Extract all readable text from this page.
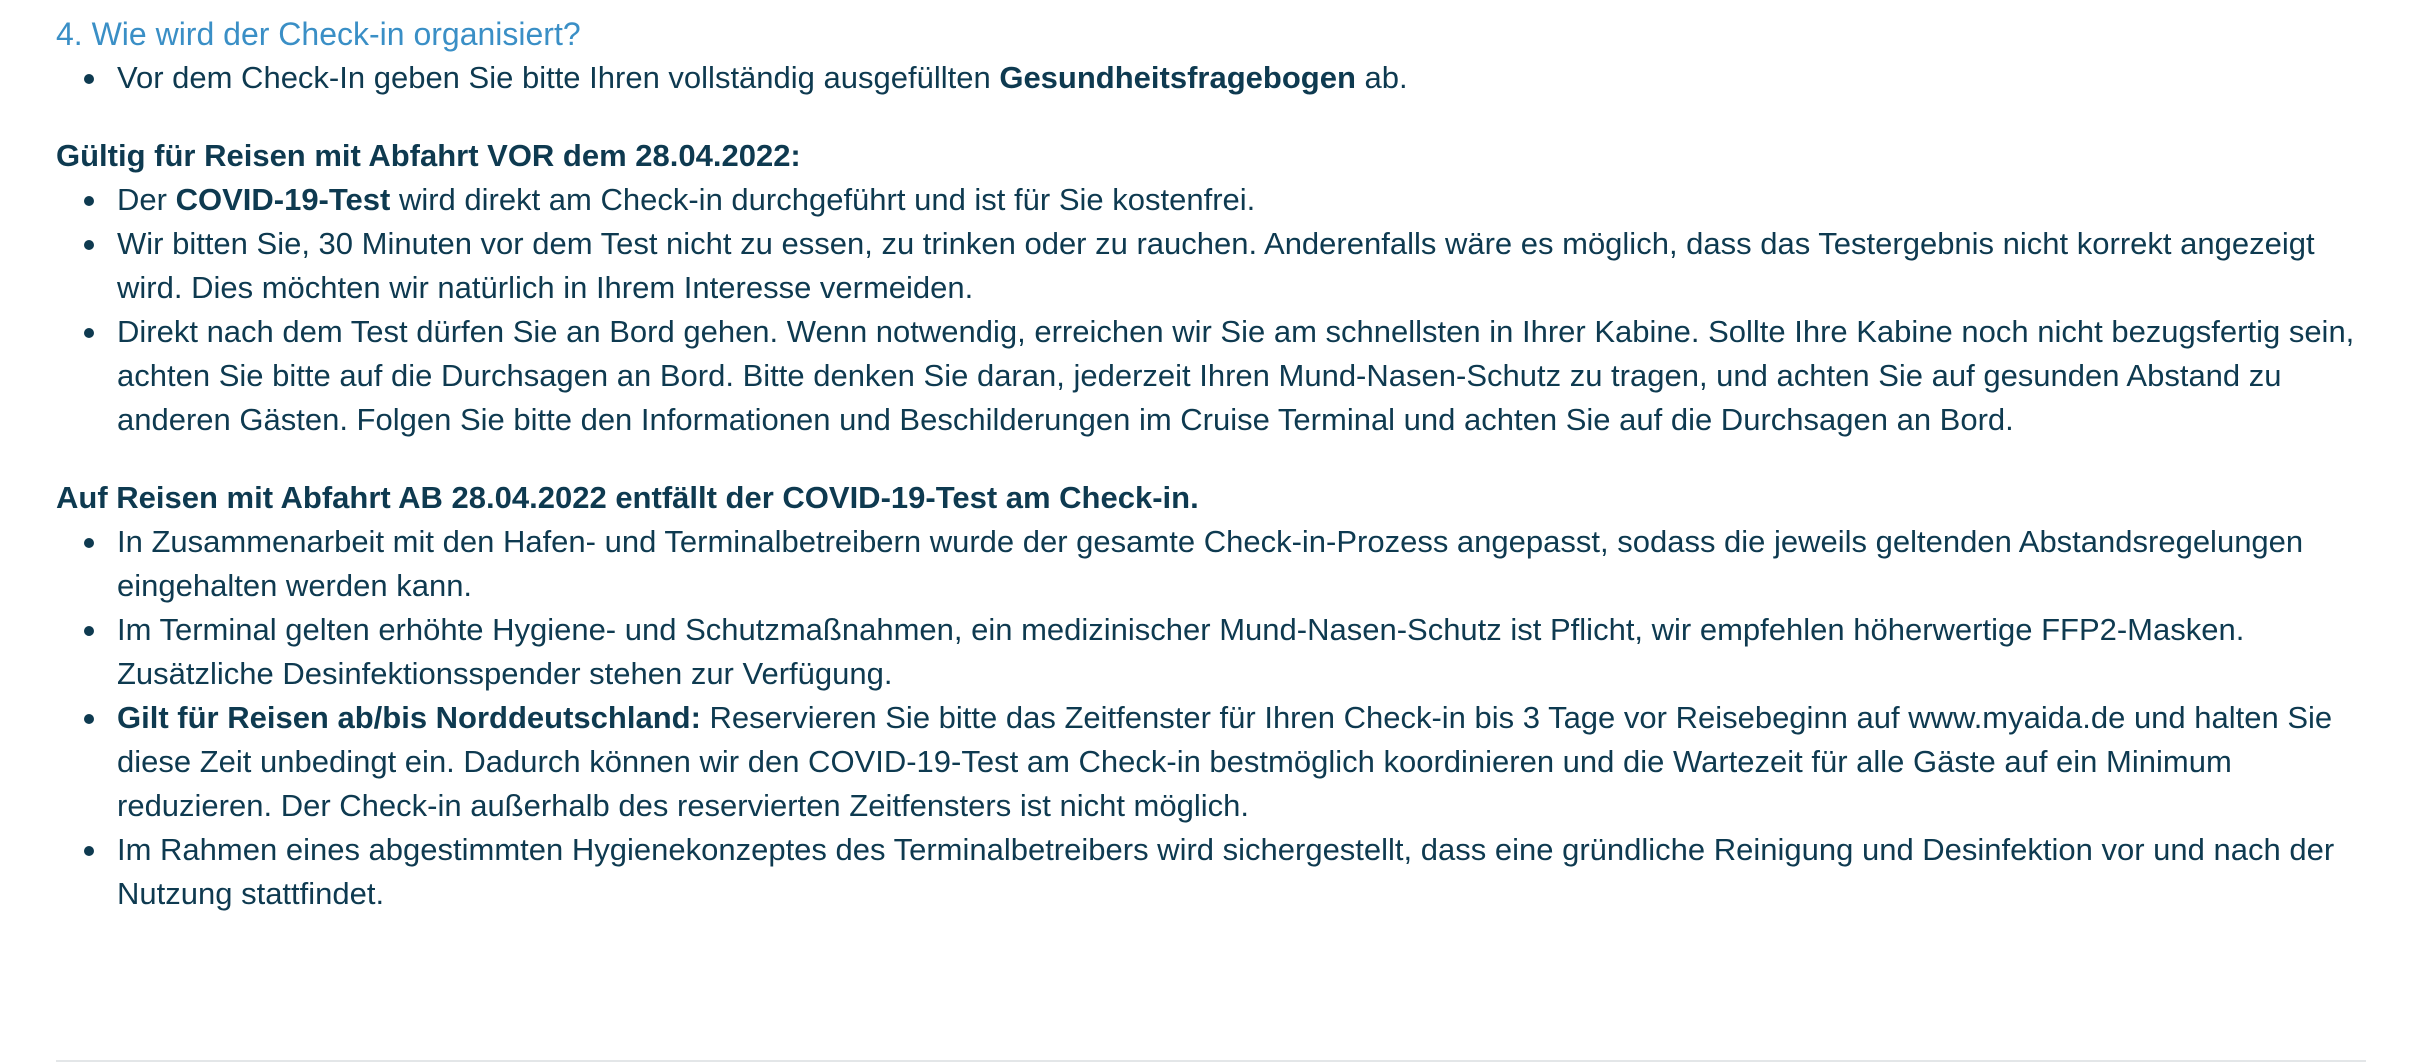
4. Wie wird der Check-in organisiert?
Vor dem Check-In geben Sie bitte Ihren vollständig ausgefüllten Gesundheitsfragebogen ab.

Gültig für Reisen mit Abfahrt VOR dem 28.04.2022:

Der COVID-19-Test wird direkt am Check-in durchgeführt und ist für Sie kostenfrei.
Wir bitten Sie, 30 Minuten vor dem Test nicht zu essen, zu trinken oder zu rauchen. Anderenfalls wäre es möglich, dass das Testergebnis nicht korrekt angezeigt wird. Dies möchten wir natürlich in Ihrem Interesse vermeiden.
Direkt nach dem Test dürfen Sie an Bord gehen. Wenn notwendig, erreichen wir Sie am schnellsten in Ihrer Kabine. Sollte Ihre Kabine noch nicht bezugsfertig sein, achten Sie bitte auf die Durchsagen an Bord. Bitte denken Sie daran, jederzeit Ihren Mund-Nasen-Schutz zu tragen, und achten Sie auf gesunden Abstand zu anderen Gästen. Folgen Sie bitte den Informationen und Beschilderungen im Cruise Terminal und achten Sie auf die Durchsagen an Bord.

Auf Reisen mit Abfahrt AB 28.04.2022 entfällt der COVID-19-Test am Check-in.

In Zusammenarbeit mit den Hafen- und Terminalbetreibern wurde der gesamte Check-in-Prozess angepasst, sodass die jeweils geltenden Abstandsregelungen eingehalten werden kann.
Im Terminal gelten erhöhte Hygiene- und Schutzmaßnahmen, ein medizinischer Mund-Nasen-Schutz ist Pflicht, wir empfehlen höherwertige FFP2-Masken. Zusätzliche Desinfektionsspender stehen zur Verfügung.
Gilt für Reisen ab/bis Norddeutschland: Reservieren Sie bitte das Zeitfenster für Ihren Check-in bis 3 Tage vor Reisebeginn auf www.myaida.de und halten Sie diese Zeit unbedingt ein. Dadurch können wir den COVID-19-Test am Check-in bestmöglich koordinieren und die Wartezeit für alle Gäste auf ein Minimum reduzieren. Der Check-in außerhalb des reservierten Zeitfensters ist nicht möglich.
Im Rahmen eines abgestimmten Hygienekonzeptes des Terminalbetreibers wird sichergestellt, dass eine gründliche Reinigung und Desinfektion vor und nach der Nutzung stattfindet.
